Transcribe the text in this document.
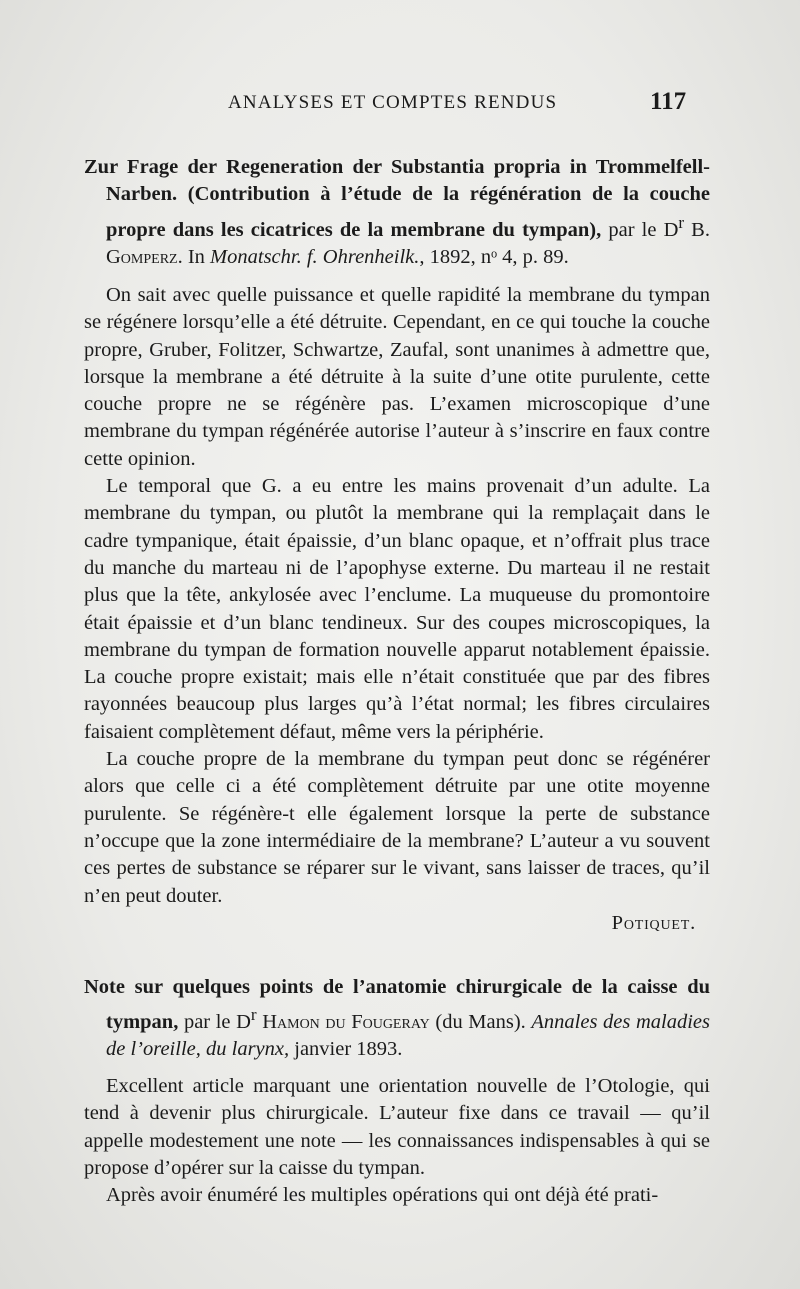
ANALYSES ET COMPTES RENDUS	117

Zur Frage der Regeneration der Substantia propria in Trommelfell-Narben. (Contribution à l’étude de la régénération de la couche propre dans les cicatrices de la membrane du tympan), par le $D^r$ B. Gomperz. In Monatschr. f. Ohrenheilk., 1892, nᵒ 4, p. 89.

On sait avec quelle puissance et quelle rapidité la membrane du tympan se régénere lorsqu’elle a été détruite. Cependant, en ce qui touche la couche propre, Gruber, Folitzer, Schwartze, Zaufal, sont unanimes à admettre que, lorsque la membrane a été détruite à la suite d’une otite purulente, cette couche propre ne se régénère pas. L’examen microscopique d’une membrane du tympan régénérée autorise l’auteur à s’inscrire en faux contre cette opinion.

Le temporal que G. a eu entre les mains provenait d’un adulte. La membrane du tympan, ou plutôt la membrane qui la remplaçait dans le cadre tympanique, était épaissie, d’un blanc opaque, et n’offrait plus trace du manche du marteau ni de l’apophyse externe. Du marteau il ne restait plus que la tête, ankylosée avec l’enclume. La muqueuse du promontoire était épaissie et d’un blanc tendineux. Sur des coupes microscopiques, la membrane du tympan de formation nouvelle apparut notablement épaissie. La couche propre existait; mais elle n’était constituée que par des fibres rayonnées beaucoup plus larges qu’à l’état normal; les fibres circulaires faisaient complètement défaut, même vers la périphérie.

La couche propre de la membrane du tympan peut donc se régénérer alors que celle ci a été complètement détruite par une otite moyenne purulente. Se régénère-t elle également lorsque la perte de substance n’occupe que la zone intermédiaire de la membrane? L’auteur a vu souvent ces pertes de substance se réparer sur le vivant, sans laisser de traces, qu’il n’en peut douter.

Potiquet.

Note sur quelques points de l’anatomie chirurgicale de la caisse du tympan, par le $D^r$ Hamon du Fougeray (du Mans). Annales des maladies de l’oreille, du larynx, janvier 1893.

Excellent article marquant une orientation nouvelle de l’Otologie, qui tend à devenir plus chirurgicale. L’auteur fixe dans ce travail — qu’il appelle modestement une note — les connaissances indispensables à qui se propose d’opérer sur la caisse du tympan.

Après avoir énuméré les multiples opérations qui ont déjà été prati-
